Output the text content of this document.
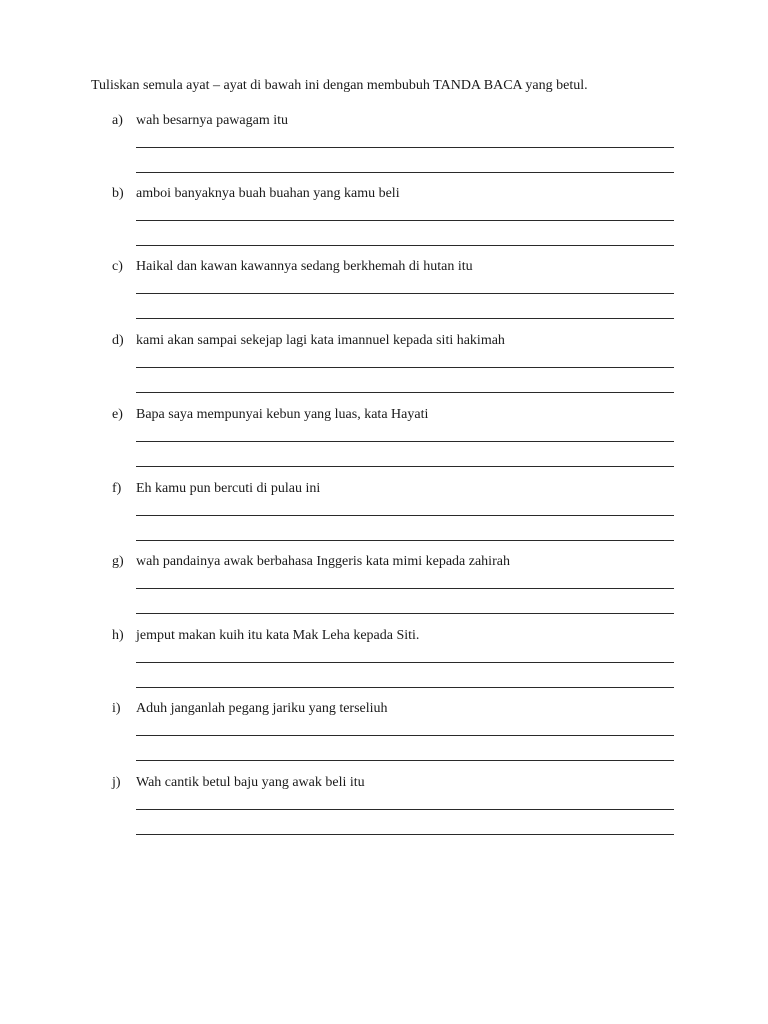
Tuliskan semula ayat – ayat di bawah ini dengan membubuh TANDA BACA yang betul.
a) wah besarnya pawagam itu
b) amboi banyaknya buah buahan yang kamu beli
c) Haikal dan kawan kawannya sedang berkhemah di hutan itu
d) kami akan sampai sekejap lagi kata imannuel kepada siti hakimah
e) Bapa saya mempunyai kebun yang luas, kata Hayati
f) Eh kamu pun bercuti di pulau ini
g) wah pandainya awak berbahasa Inggeris kata mimi kepada zahirah
h) jemput makan kuih itu kata Mak Leha kepada Siti.
i) Aduh janganlah pegang jariku yang terseliuh
j) Wah cantik betul baju yang awak beli itu
